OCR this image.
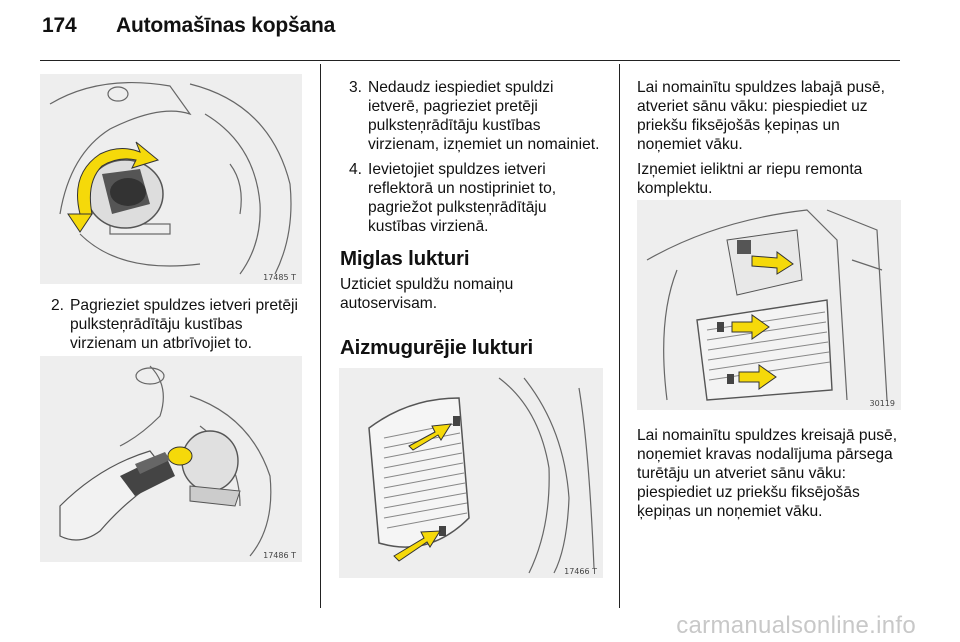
174 Automašīnas kopšana
17485 T
2. Pagrieziet spuldzes ietveri pretēji pulksteņrādītāju kustības virzienam un atbrīvojiet to.

17486 T
3. Nedaudz iespiediet spuldzi ietverē, pagrieziet pretēji pulksteņrādītāju kustības virzienam, izņemiet un nomainiet.

4. Ievietojiet spuldzes ietveri reflektorā un nostipriniet to, pagriežot pulksteņrādītāju kustības virzienā.

Miglas lukturi

Uzticiet spuldžu nomaiņu autoservisam.

Aizmugurējie lukturi
17466 T

Lai nomainītu spuldzes labajā pusē, atveriet sānu vāku: piespiediet uz priekšu fiksējošās ķepiņas un noņemiet vāku.

Izņemiet ieliktni ar riepu remonta komplektu.

30119

Lai nomainītu spuldzes kreisajā pusē, noņemiet kravas nodalījuma pārsega turētāju un atveriet sānu vāku: piespiediet uz priekšu fiksējošās ķepiņas un noņemiet vāku.

carmanualsonline.info
